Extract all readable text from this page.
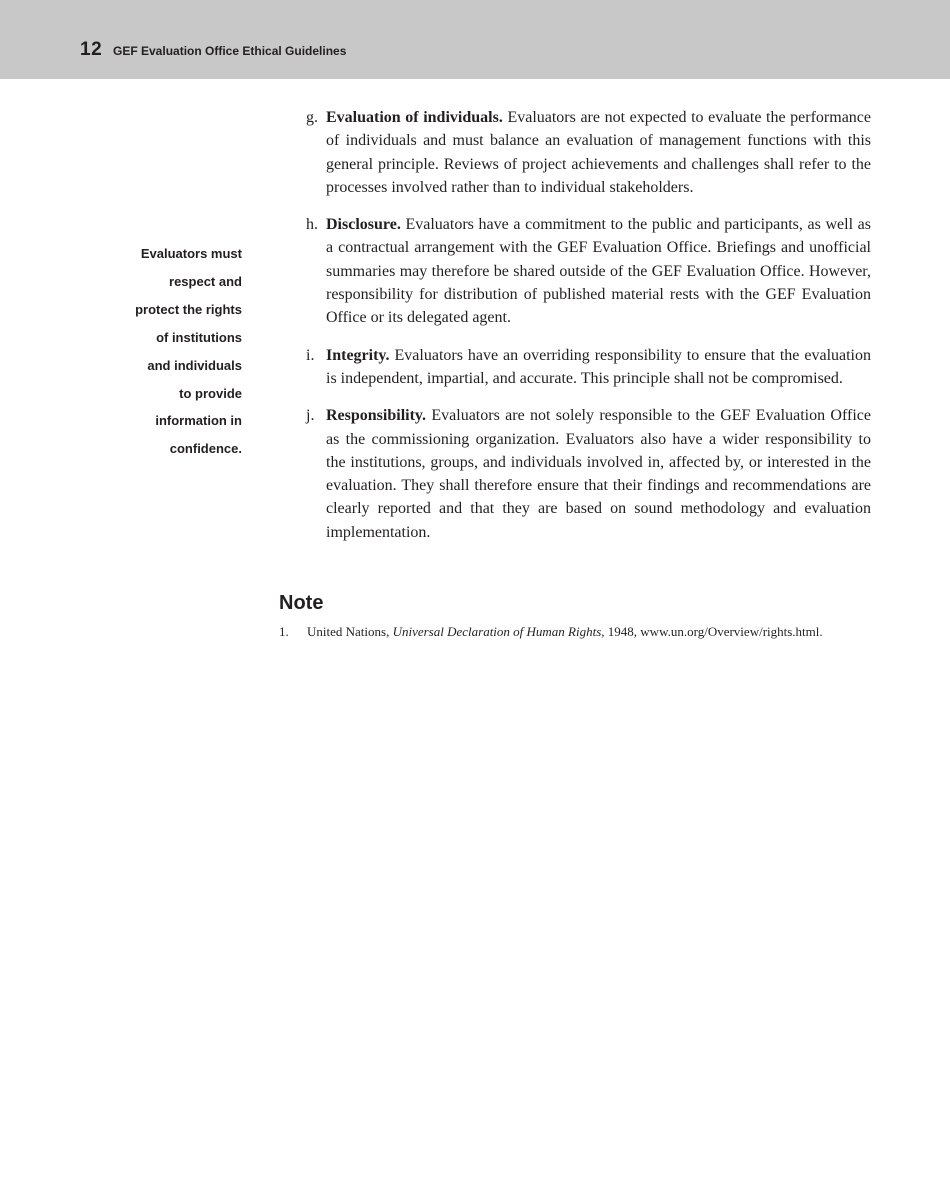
12 GEF Evaluation Office Ethical Guidelines
Evaluators must
respect and
protect the rights
of institutions
and individuals
to provide
information in
confidence.
g. Evaluation of individuals. Evaluators are not expected to evaluate the performance of individuals and must balance an evaluation of management functions with this general principle. Reviews of project achievements and challenges shall refer to the processes involved rather than to individual stakeholders.
h. Disclosure. Evaluators have a commitment to the public and participants, as well as a contractual arrangement with the GEF Evaluation Office. Briefings and unofficial summaries may therefore be shared outside of the GEF Evaluation Office. However, responsibility for distribution of published material rests with the GEF Evaluation Office or its delegated agent.
i. Integrity. Evaluators have an overriding responsibility to ensure that the evaluation is independent, impartial, and accurate. This principle shall not be compromised.
j. Responsibility. Evaluators are not solely responsible to the GEF Evaluation Office as the commissioning organization. Evaluators also have a wider responsibility to the institutions, groups, and individuals involved in, affected by, or interested in the evaluation. They shall therefore ensure that their findings and recommendations are clearly reported and that they are based on sound methodology and evaluation implementation.
Note
1. United Nations, Universal Declaration of Human Rights, 1948, www.un.org/Overview/rights.html.
